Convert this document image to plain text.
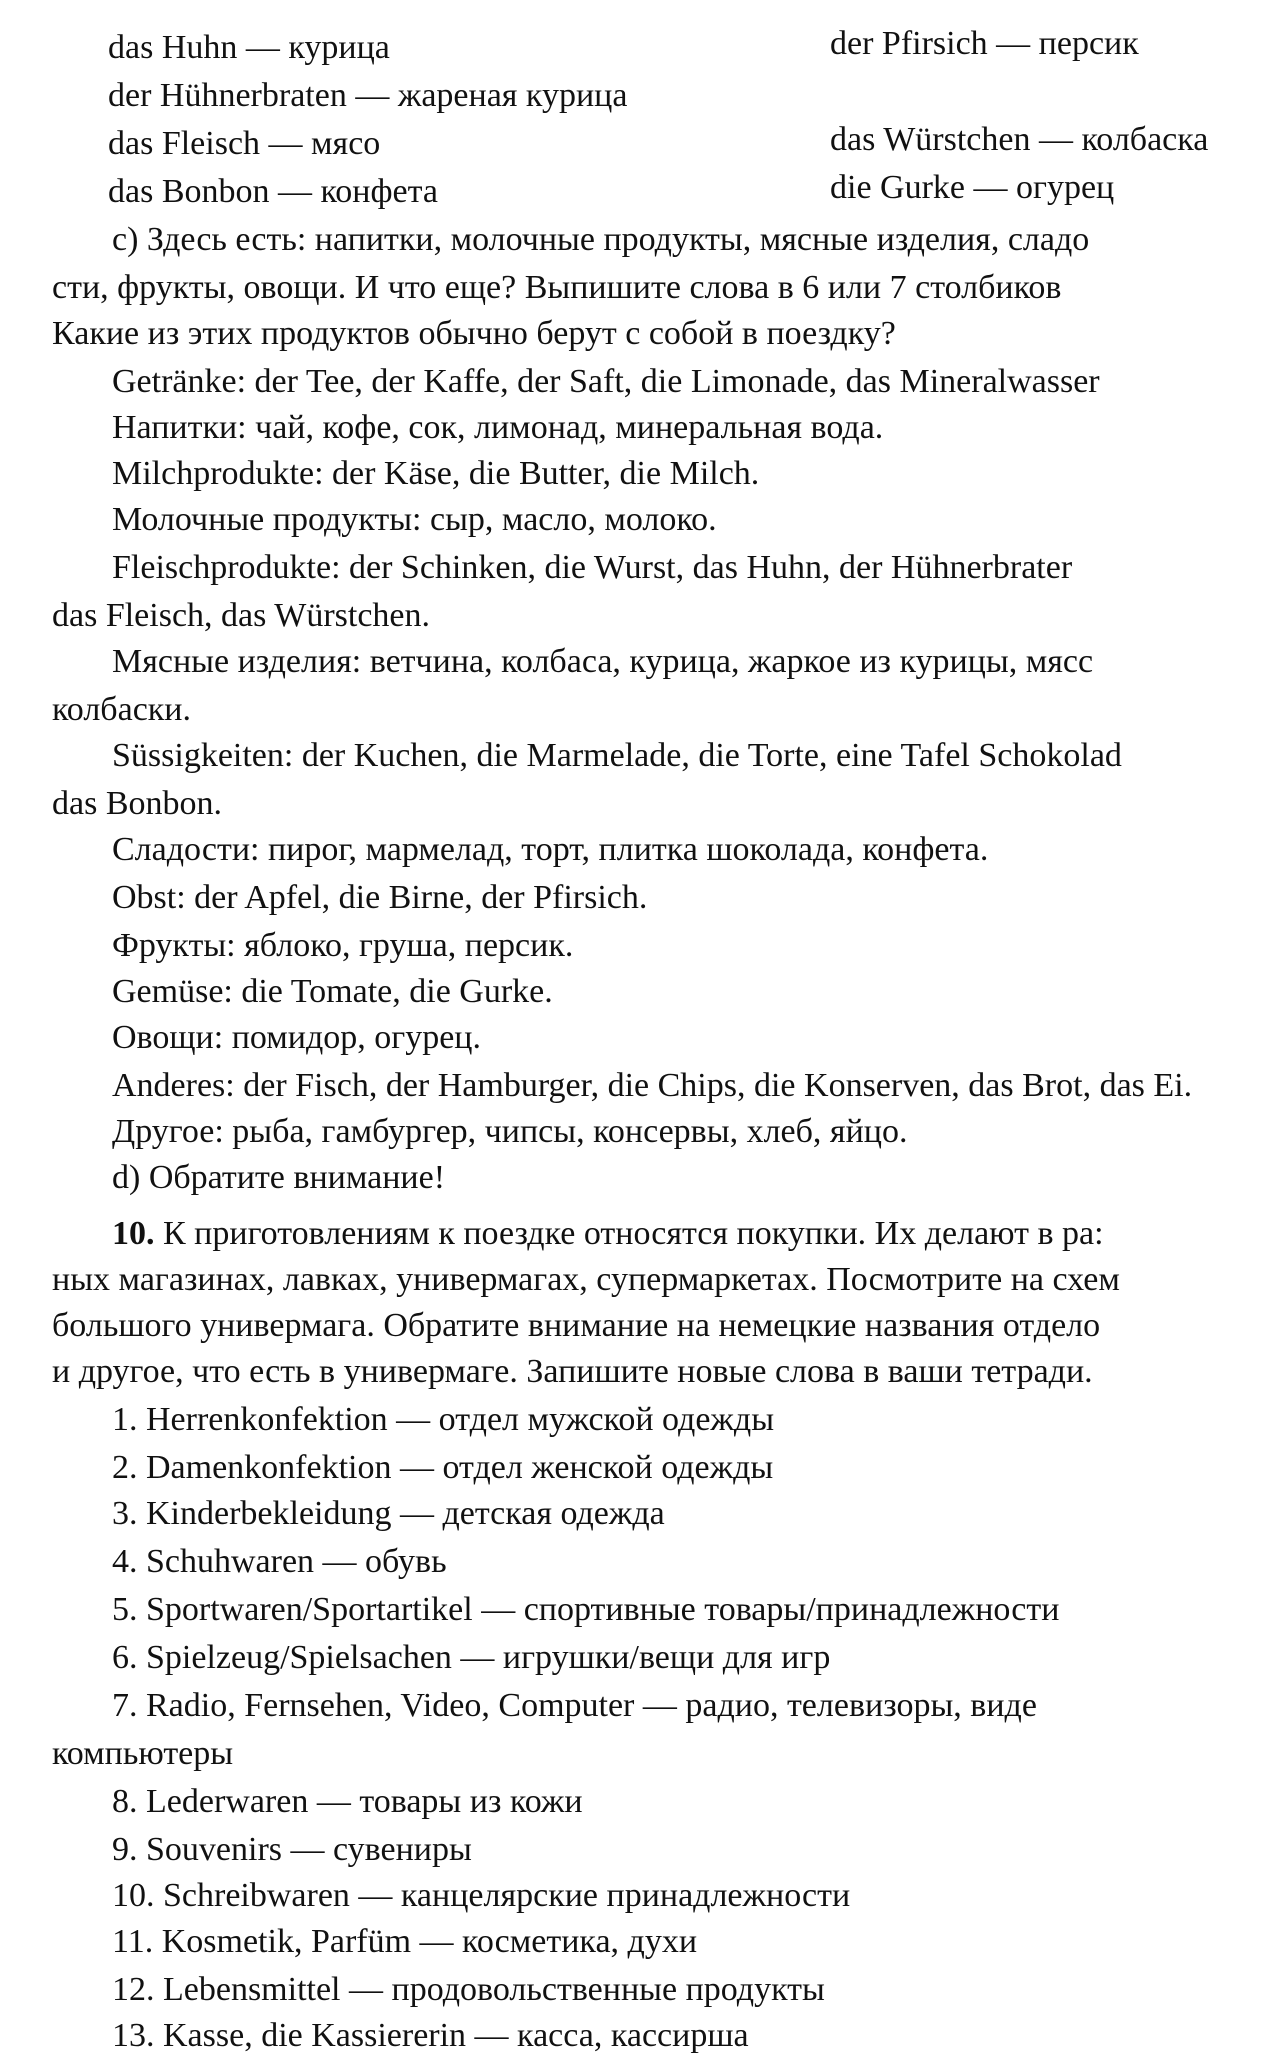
das Huhn — курица
der Hühnerbraten — жареная курица
das Fleisch — мясо
das Bonbon — конфета
der Pfirsich — персик
das Würstchen — колбаска
die Gurke — огурец
c) Здесь есть: напитки, молочные продукты, мясные изделия, сладо
сти, фрукты, овощи. И что еще? Выпишите слова в 6 или 7 столбиков
Какие из этих продуктов обычно берут с собой в поездку?
Getränke: der Tee, der Kaffe, der Saft, die Limonade, das Mineralwasser
Напитки: чай, кофе, сок, лимонад, минеральная вода.
Milchprodukte: der Käse, die Butter, die Milch.
Молочные продукты: сыр, масло, молоко.
Fleischprodukte: der Schinken, die Wurst, das Huhn, der Hühnerbrater
das Fleisch, das Würstchen.
Мясные изделия: ветчина, колбаса, курица, жаркое из курицы, мясс
колбаски.
Süssigkeiten: der Kuchen, die Marmelade, die Torte, eine Tafel Schokolad
das Bonbon.
Сладости: пирог, мармелад, торт, плитка шоколада, конфета.
Obst: der Apfel, die Birne, der Pfirsich.
Фрукты: яблоко, груша, персик.
Gemüse: die Tomate, die Gurke.
Овощи: помидор, огурец.
Anderes: der Fisch, der Hamburger, die Chips, die Konserven, das Brot, das Ei.
Другое: рыба, гамбургер, чипсы, консервы, хлеб, яйцо.
d) Обратите внимание!
10. К приготовлениям к поездке относятся покупки. Их делают в ра:
ных магазинах, лавках, универмагах, супермаркетах. Посмотрите на схем
большого универмага. Обратите внимание на немецкие названия отдело
и другое, что есть в универмаге. Запишите новые слова в ваши тетради.
1. Herrenkonfektion — отдел мужской одежды
2. Damenkonfektion — отдел женской одежды
3. Kinderbekleidung — детская одежда
4. Schuhwaren — обувь
5. Sportwaren/Sportartikel — спортивные товары/принадлежности
6. Spielzeug/Spielsachen — игрушки/вещи для игр
7. Radio, Fernsehen, Video, Computer — радио, телевизоры, виде
компьютеры
8. Lederwaren — товары из кожи
9. Souvenirs — сувениры
10. Schreibwaren — канцелярские принадлежности
11. Kosmetik, Parfüm — косметика, духи
12. Lebensmittel — продовольственные продукты
13. Kasse, die Kassiererin — касса, кассирша
